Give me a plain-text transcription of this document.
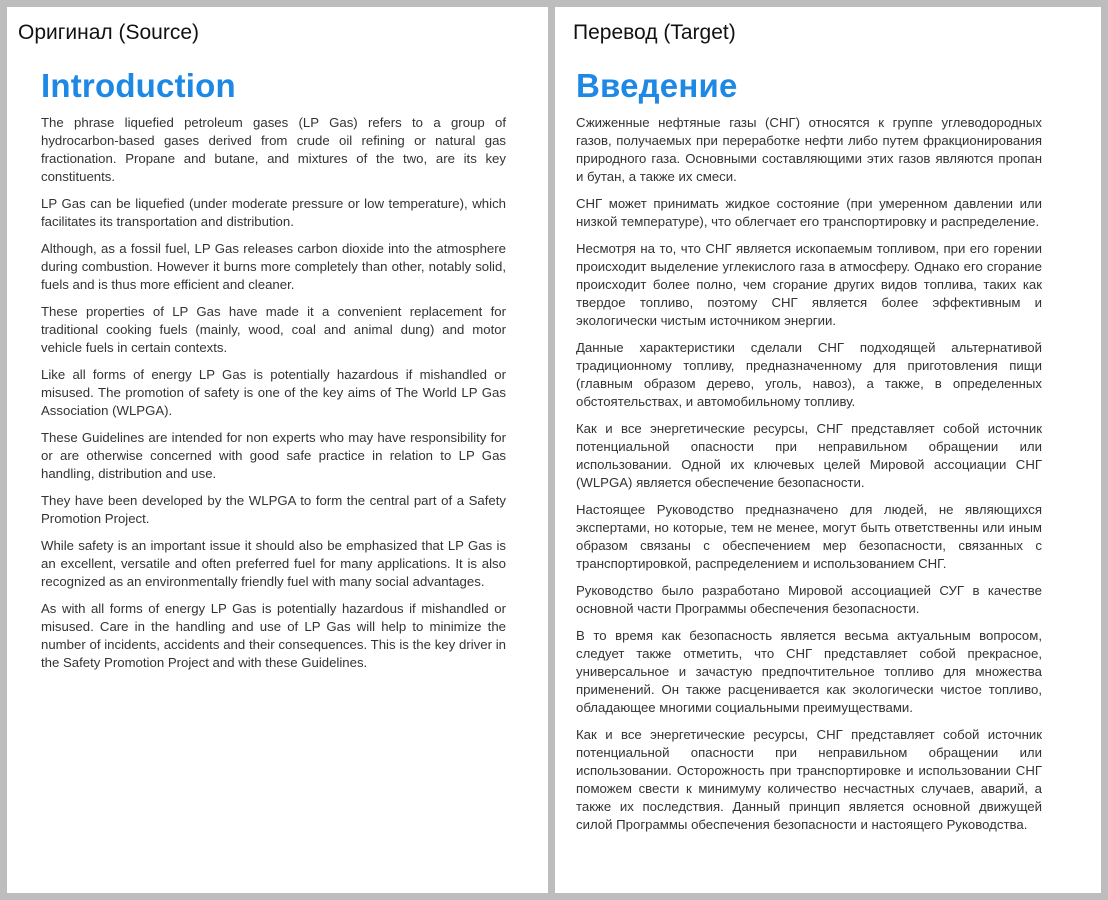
Оригинал (Source)
Introduction

The phrase liquefied petroleum gases (LP Gas) refers to a group of hydrocarbon-based gases derived from crude oil refining or natural gas fractionation. Propane and butane, and mixtures of the two, are its key constituents.

LP Gas can be liquefied (under moderate pressure or low temperature), which facilitates its transportation and distribution.

Although, as a fossil fuel, LP Gas releases carbon dioxide into the atmosphere during combustion. However it burns more completely than other, notably solid, fuels and is thus more efficient and cleaner.

These properties of LP Gas have made it a convenient replacement for traditional cooking fuels (mainly, wood, coal and animal dung) and motor vehicle fuels in certain contexts.

Like all forms of energy LP Gas is potentially hazardous if mishandled or misused. The promotion of safety is one of the key aims of The World LP Gas Association (WLPGA).

These Guidelines are intended for non experts who may have responsibility for or are otherwise concerned with good safe practice in relation to LP Gas handling, distribution and use.

They have been developed by the WLPGA to form the central part of a Safety Promotion Project.

While safety is an important issue it should also be emphasized that LP Gas is an excellent, versatile and often preferred fuel for many applications. It is also recognized as an environmentally friendly fuel with many social advantages.

As with all forms of energy LP Gas is potentially hazardous if mishandled or misused. Care in the handling and use of LP Gas will help to minimize the number of incidents, accidents and their consequences. This is the key driver in the Safety Promotion Project and with these Guidelines.

Перевод (Target)
Введение

Сжиженные нефтяные газы (СНГ) относятся к группе углеводородных газов, получаемых при переработке нефти либо путем фракционирования природного газа. Основными составляющими этих газов являются пропан и бутан, а также их смеси.

СНГ может принимать жидкое состояние (при умеренном давлении или низкой температуре), что облегчает его транспортировку и распределение.

Несмотря на то, что СНГ является ископаемым топливом, при его горении происходит выделение углекислого газа в атмосферу. Однако его сгорание происходит более полно, чем сгорание других видов топлива, таких как твердое топливо, поэтому СНГ является более эффективным и экологически чистым источником энергии.

Данные характеристики сделали СНГ подходящей альтернативой традиционному топливу, предназначенному для приготовления пищи (главным образом дерево, уголь, навоз), а также, в определенных обстоятельствах, и автомобильному топливу.

Как и все энергетические ресурсы, СНГ представляет собой источник потенциальной опасности при неправильном обращении или использовании. Одной их ключевых целей Мировой ассоциации СНГ (WLPGA) является обеспечение безопасности.

Настоящее Руководство предназначено для людей, не являющихся экспертами, но которые, тем не менее, могут быть ответственны или иным образом связаны с обеспечением мер безопасности, связанных с транспортировкой, распределением и использованием СНГ.

Руководство было разработано Мировой ассоциацией СУГ в качестве основной части Программы обеспечения безопасности.

В то время как безопасность является весьма актуальным вопросом, следует также отметить, что СНГ представляет собой прекрасное, универсальное и зачастую предпочтительное топливо для множества применений. Он также расценивается как экологически чистое топливо, обладающее многими социальными преимуществами.

Как и все энергетические ресурсы, СНГ представляет собой источник потенциальной опасности при неправильном обращении или использовании. Осторожность при транспортировке и использовании СНГ поможем свести к минимуму количество несчастных случаев, аварий, а также их последствия. Данный принцип является основной движущей силой Программы обеспечения безопасности и настоящего Руководства.
